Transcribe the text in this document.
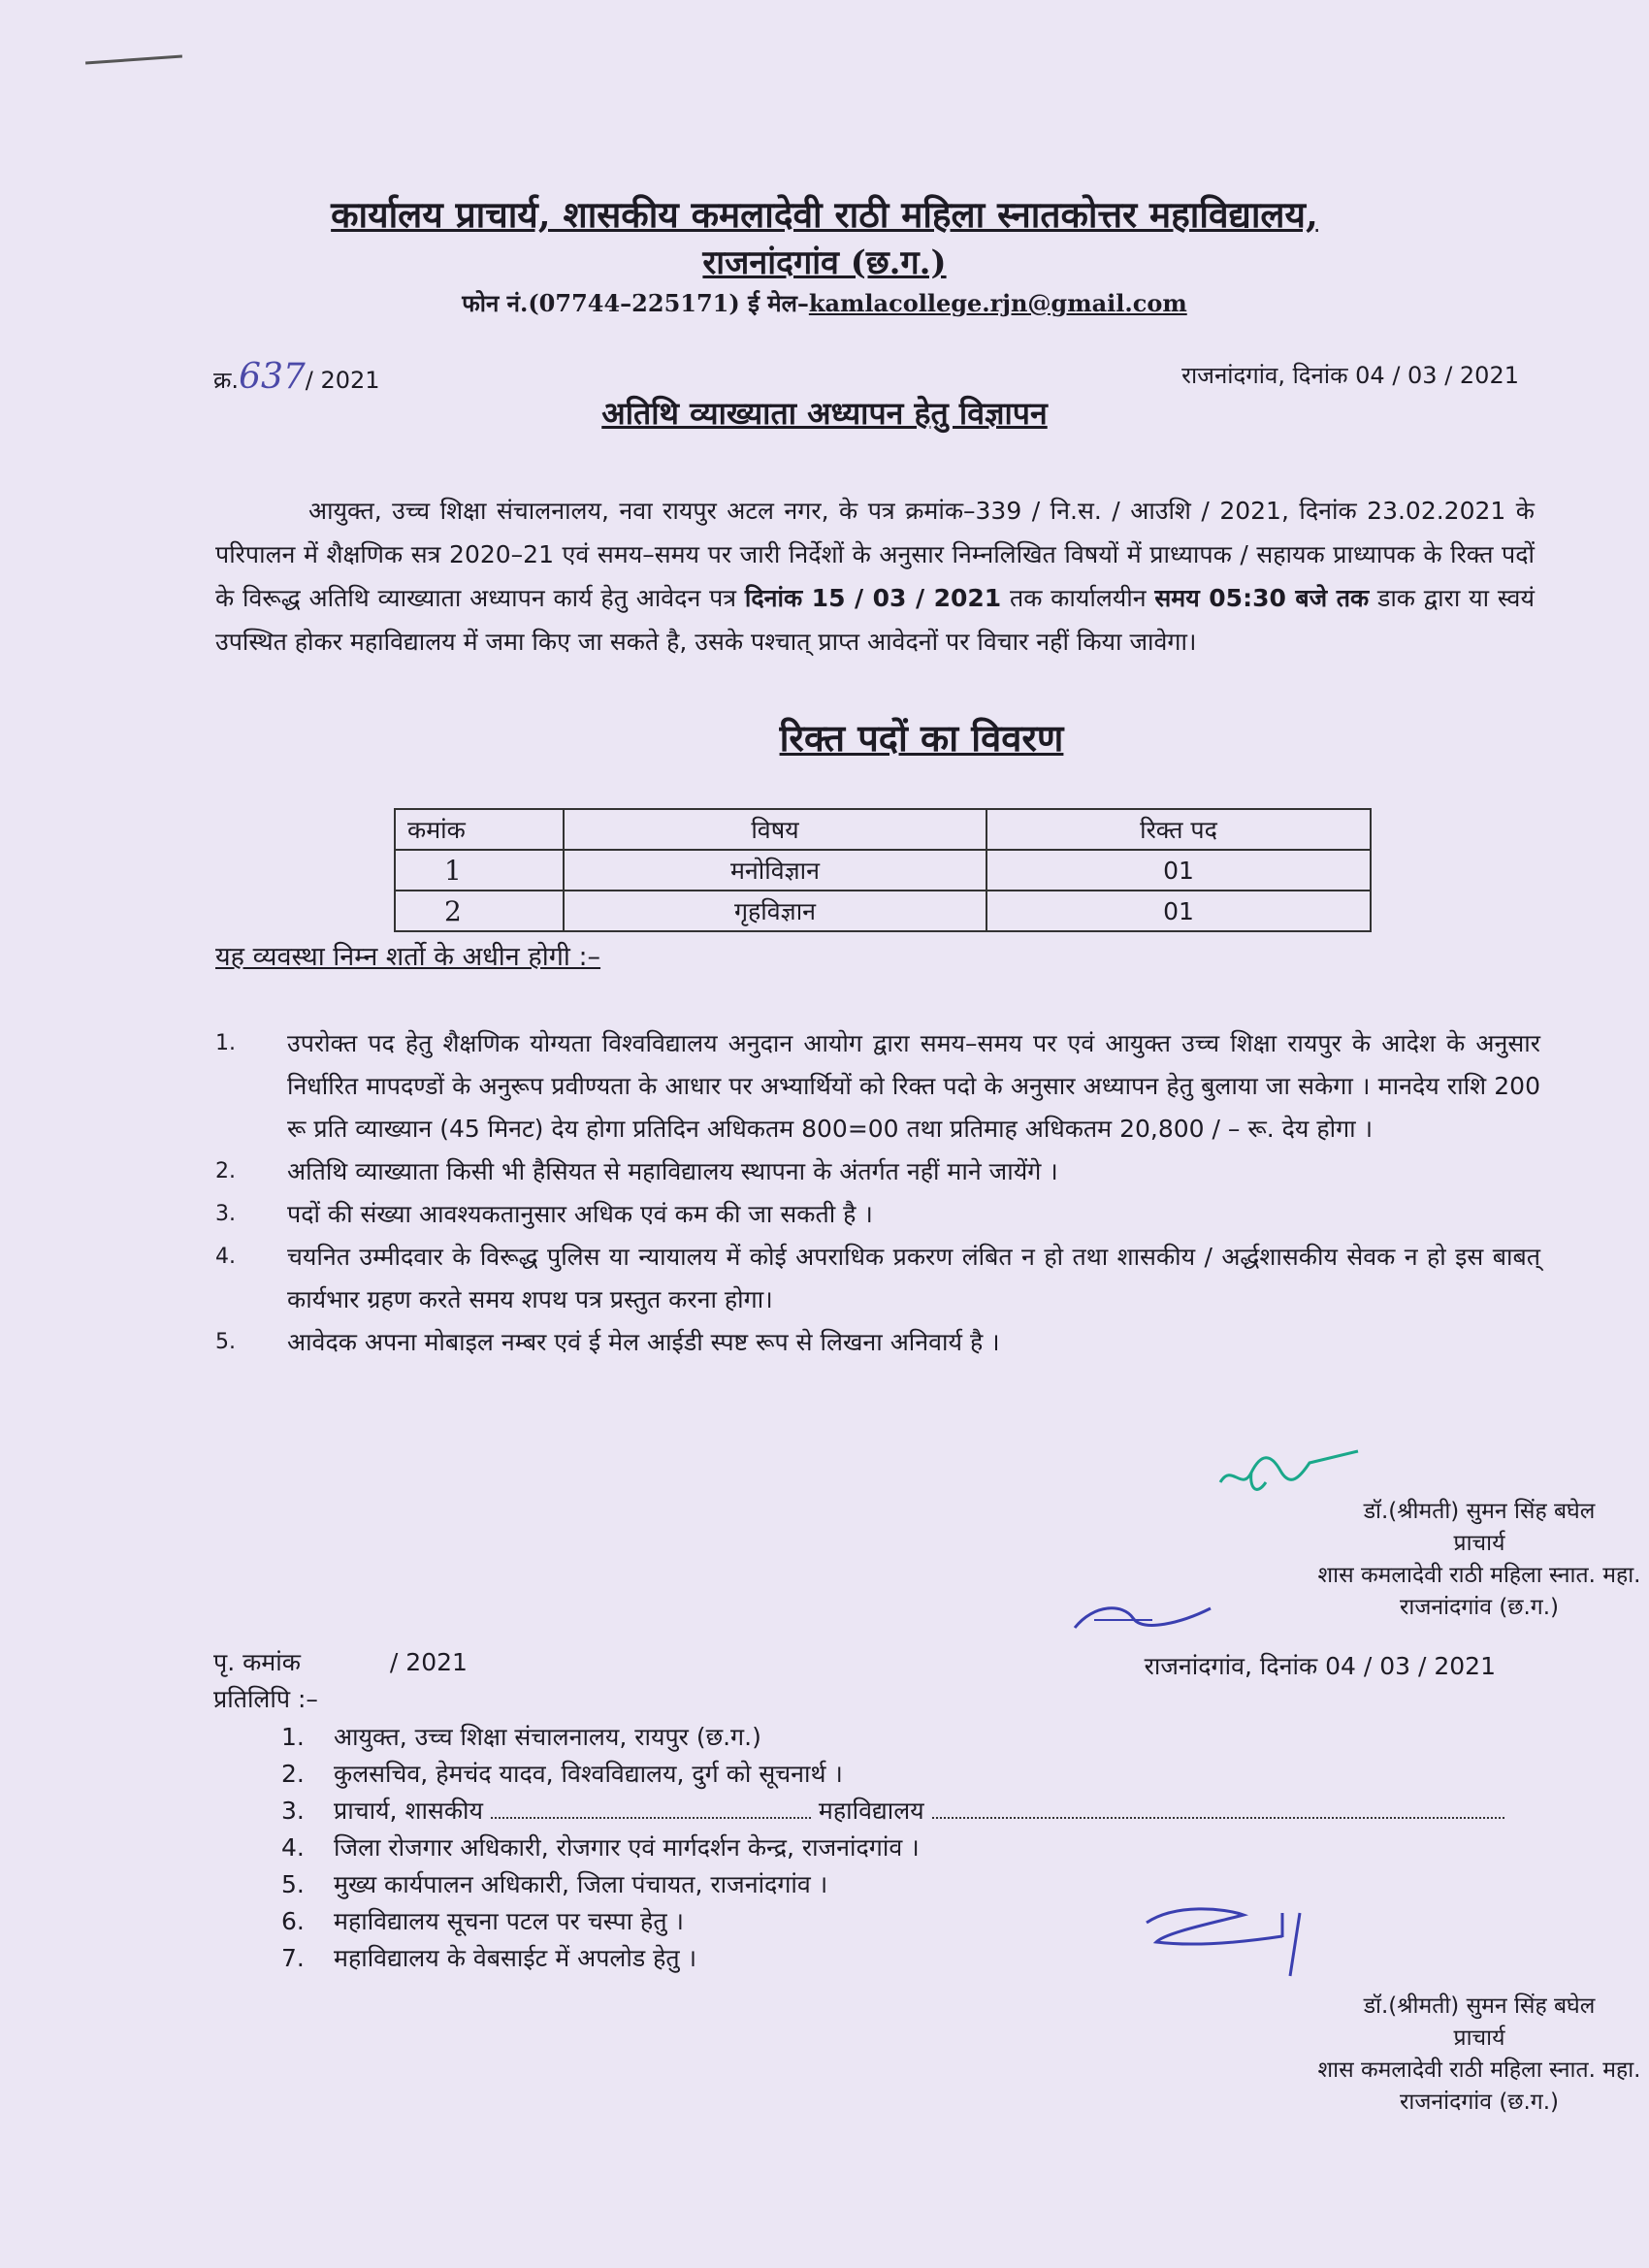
कार्यालय प्राचार्य, शासकीय कमलादेवी राठी महिला स्नातकोत्तर महाविद्यालय,
राजनांदगांव (छ.ग.)
फोन नं.(07744–225171) ई मेल–kamlacollege.rjn@gmail.com
क्र.637/ 2021	राजनांदगांव, दिनांक 04 / 03 / 2021
अतिथि व्याख्याता अध्यापन हेतु विज्ञापन
आयुक्त, उच्च शिक्षा संचालनालय, नवा रायपुर अटल नगर, के पत्र क्रमांक–339 / नि.स. / आउशि / 2021, दिनांक 23.02.2021 के परिपालन में शैक्षणिक सत्र 2020–21 एवं समय–समय पर जारी निर्देशों के अनुसार निम्नलिखित विषयों में प्राध्यापक / सहायक प्राध्यापक के रिक्त पदों के विरूद्ध अतिथि व्याख्याता अध्यापन कार्य हेतु आवेदन पत्र दिनांक 15 / 03 / 2021 तक कार्यालयीन समय 05:30 बजे तक डाक द्वारा या स्वयं उपस्थित होकर महाविद्यालय में जमा किए जा सकते है, उसके पश्चात् प्राप्त आवेदनों पर विचार नहीं किया जावेगा।
रिक्त पदों का विवरण
कमांक	विषय	रिक्त पद
1	मनोविज्ञान	01
2	गृहविज्ञान	01
यह व्यवस्था निम्न शर्तो के अधीन होगी :–
1.	उपरोक्त पद हेतु शैक्षणिक योग्यता विश्वविद्यालय अनुदान आयोग द्वारा समय–समय पर एवं आयुक्त उच्च शिक्षा रायपुर के आदेश के अनुसार निर्धारित मापदण्डों के अनुरूप प्रवीण्यता के आधार पर अभ्यार्थियों को रिक्त पदो के अनुसार अध्यापन हेतु बुलाया जा सकेगा । मानदेय राशि 200 रू प्रति व्याख्यान (45 मिनट) देय होगा प्रतिदिन अधिकतम 800=00 तथा प्रतिमाह अधिकतम 20,800 / – रू. देय होगा ।
2.	अतिथि व्याख्याता किसी भी हैसियत से महाविद्यालय स्थापना के अंतर्गत नहीं माने जायेंगे ।
3.	पदों की संख्या आवश्यकतानुसार अधिक एवं कम की जा सकती है ।
4.	चयनित उम्मीदवार के विरूद्ध पुलिस या न्यायालय में कोई अपराधिक प्रकरण लंबित न हो तथा शासकीय / अर्द्धशासकीय सेवक न हो इस बाबत् कार्यभार ग्रहण करते समय शपथ पत्र प्रस्तुत करना होगा।
5.	आवेदक अपना मोबाइल नम्बर एवं ई मेल आईडी स्पष्ट रूप से लिखना अनिवार्य है ।
डॉ.(श्रीमती) सुमन सिंह बघेल
प्राचार्य
शास कमलादेवी राठी महिला स्नात. महा.
राजनांदगांव (छ.ग.)
पृ. कमांक	/ 2021	राजनांदगांव, दिनांक 04 / 03 / 2021
प्रतिलिपि :–
1.	आयुक्त, उच्च शिक्षा संचालनालय, रायपुर (छ.ग.)
2.	कुलसचिव, हेमचंद यादव, विश्वविद्यालय, दुर्ग को सूचनार्थ ।
3.	प्राचार्य, शासकीय	महाविद्यालय
4.	जिला रोजगार अधिकारी, रोजगार एवं मार्गदर्शन केन्द्र, राजनांदगांव ।
5.	मुख्य कार्यपालन अधिकारी, जिला पंचायत, राजनांदगांव ।
6.	महाविद्यालय सूचना पटल पर चस्पा हेतु ।
7.	महाविद्यालय के वेबसाईट में अपलोड हेतु ।
डॉ.(श्रीमती) सुमन सिंह बघेल
प्राचार्य
शास कमलादेवी राठी महिला स्नात. महा.
राजनांदगांव (छ.ग.)
